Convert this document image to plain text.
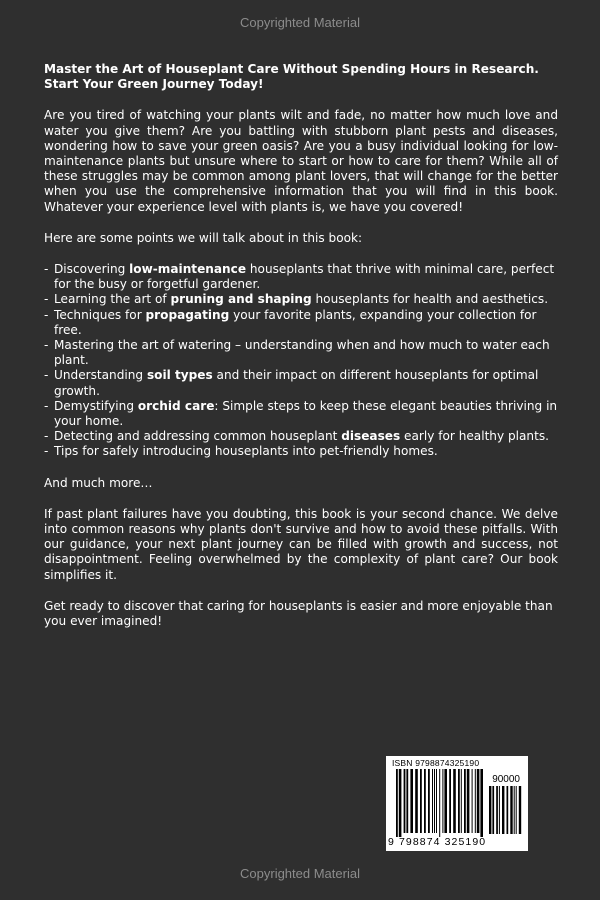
Copyrighted Material
Master the Art of Houseplant Care Without Spending Hours in Research. Start Your Green Journey Today!

Are you tired of watching your plants wilt and fade, no matter how much love and water you give them? Are you battling with stubborn plant pests and diseases, wondering how to save your green oasis? Are you a busy individual looking for low-maintenance plants but unsure where to start or how to care for them? While all of these struggles may be common among plant lovers, that will change for the better when you use the comprehensive information that you will find in this book. Whatever your experience level with plants is, we have you covered!

Here are some points we will talk about in this book:

- Discovering low-maintenance houseplants that thrive with minimal care, perfect for the busy or forgetful gardener.
- Learning the art of pruning and shaping houseplants for health and aesthetics.
- Techniques for propagating your favorite plants, expanding your collection for free.
- Mastering the art of watering – understanding when and how much to water each plant.
- Understanding soil types and their impact on different houseplants for optimal growth.
- Demystifying orchid care: Simple steps to keep these elegant beauties thriving in your home.
- Detecting and addressing common houseplant diseases early for healthy plants.
- Tips for safely introducing houseplants into pet-friendly homes.

And much more…

If past plant failures have you doubting, this book is your second chance. We delve into common reasons why plants don't survive and how to avoid these pitfalls. With our guidance, your next plant journey can be filled with growth and success, not disappointment. Feeling overwhelmed by the complexity of plant care? Our book simplifies it.

Get ready to discover that caring for houseplants is easier and more enjoyable than you ever imagined!

ISBN 9798874325190
90000
9 798874 325190
Copyrighted Material
